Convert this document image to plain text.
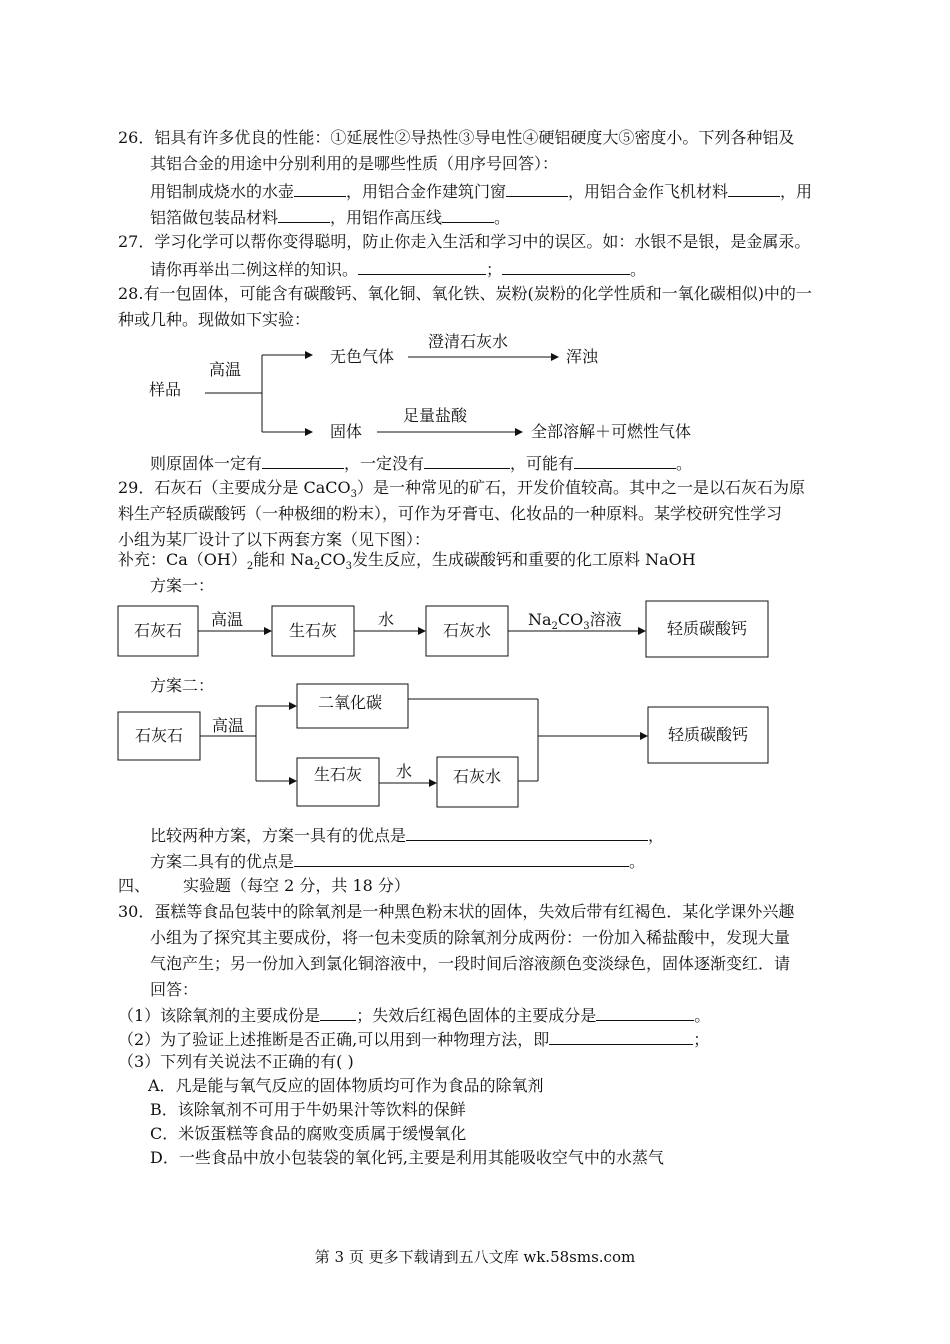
26．铝具有许多优良的性能：①延展性②导热性③导电性④硬铝硬度大⑤密度小。下列各种铝及
其铝合金的用途中分别利用的是哪些性质（用序号回答）：
用铝制成烧水的水壶	，用铝合金作建筑门窗	，用铝合金作飞机材料	，用
铝箔做包装品材料	，用铝作高压线	。
27．学习化学可以帮你变得聪明，防止你走入生活和学习中的误区。如：水银不是银，是金属汞。
请你再举出二例这样的知识。	；	。
28.有一包固体，可能含有碳酸钙、氧化铜、氧化铁、炭粉(炭粉的化学性质和一氧化碳相似)中的一
种或几种。现做如下实验：
样品
高温
无色气体
澄清石灰水
浑浊
固体
足量盐酸
全部溶解＋可燃性气体
则原固体一定有	，一定没有	，可能有	。
29．石灰石（主要成分是 CaCO$_3$）是一种常见的矿石，开发价值较高。其中之一是以石灰石为原
料生产轻质碳酸钙（一种极细的粉末），可作为牙膏屯、化妆品的一种原料。某学校研究性学习
小组为某厂设计了以下两套方案（见下图）：
补充：$Ca(OH)_2$能和 $Na_2CO_3$发生反应，生成碳酸钙和重要的化工原料 NaOH
方案一：
石灰石
高温
生石灰
水
石灰水
$Na_2CO_3$溶液	轻质碳酸钙
石灰石
高温
二氧化碳
生石灰 水	石灰水
轻质碳酸钙
方案二：
比较两种方案，方案一具有的优点是	，
方案二具有的优点是	。
四、 实验题（每空 2 分，共 18 分）
30．蛋糕等食品包装中的除氧剂是一种黑色粉末状的固体，失效后带有红褐色．某化学课外兴趣
小组为了探究其主要成份，将一包未变质的除氧剂分成两份：一份加入稀盐酸中，发现大量
气泡产生；另一份加入到氯化铜溶液中，一段时间后溶液颜色变淡绿色，固体逐渐变红．请
回答：
（1）该除氧剂的主要成份是 ；失效后红褐色固体的主要成分是	。
（2）为了验证上述推断是否正确,可以用到一种物理方法，即	；
（3）下列有关说法不正确的有( )
A．凡是能与氧气反应的固体物质均可作为食品的除氧剂
B．该除氧剂不可用于牛奶果汁等饮料的保鲜
C．米饭蛋糕等食品的腐败变质属于缓慢氧化
D．一些食品中放小包装袋的氧化钙,主要是利用其能吸收空气中的水蒸气
第 3 页 更多下载请到五八文库 wk.58sms.com
